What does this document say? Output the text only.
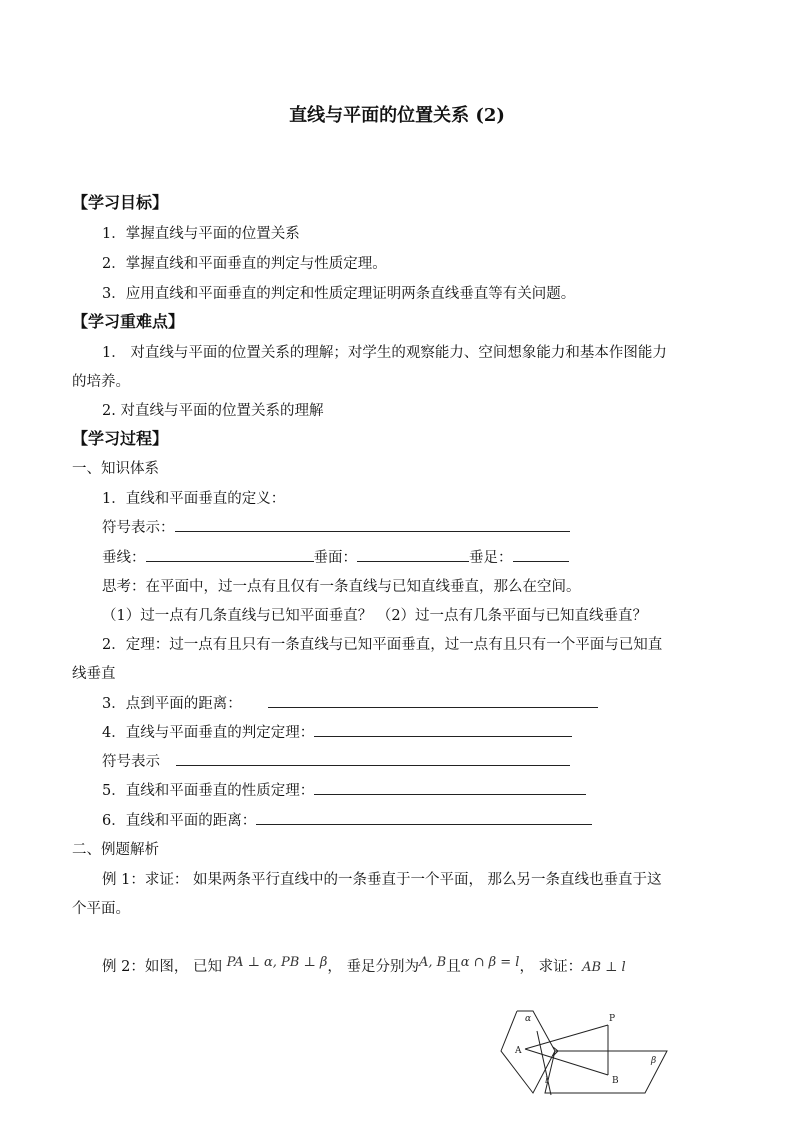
直线与平面的位置关系 (2)
【学习目标】
1．掌握直线与平面的位置关系
2．掌握直线和平面垂直的判定与性质定理。
3．应用直线和平面垂直的判定和性质定理证明两条直线垂直等有关问题。
【学习重难点】
1． 对直线与平面的位置关系的理解；对学生的观察能力、空间想象能力和基本作图能力
的培养。
2. 对直线与平面的位置关系的理解
【学习过程】
一、知识体系
1．直线和平面垂直的定义：
符号表示：
垂线：	垂面：	垂足：
思考：在平面中，过一点有且仅有一条直线与已知直线垂直，那么在空间。
（1）过一点有几条直线与已知平面垂直？ （2）过一点有几条平面与已知直线垂直？
2．定理：过一点有且只有一条直线与已知平面垂直，过一点有且只有一个平面与已知直
线垂直
3．点到平面的距离：
4．直线与平面垂直的判定定理：
符号表示
5．直线和平面垂直的性质定理：
6．直线和平面的距离：
二、例题解析
例 1：求证： 如果两条平行直线中的一条垂直于一个平面， 那么另一条直线也垂直于这
个平面。
例 2：如图， 已知 PA ⊥ α, PB ⊥ β， 垂足分别为A, B且α ∩ β = l， 求证：AB ⊥ l
α
β
P
A
B
l
